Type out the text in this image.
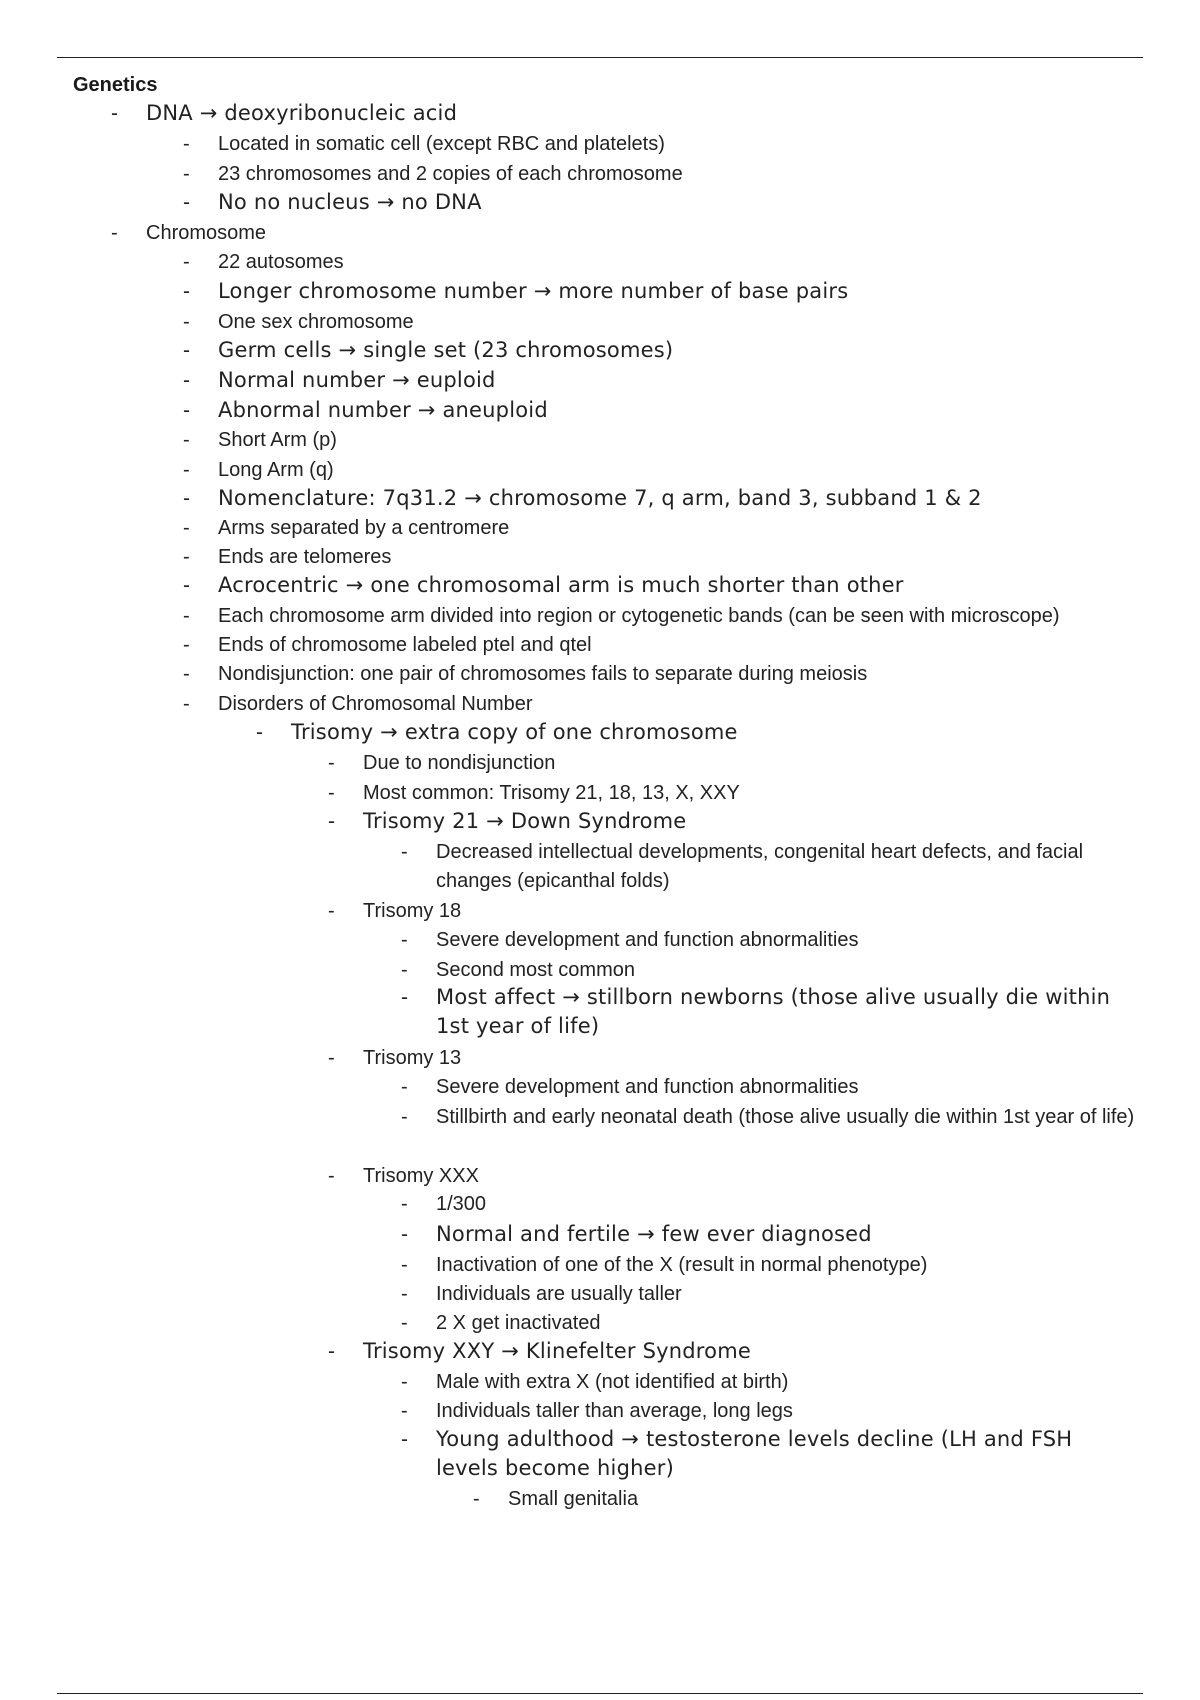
Genetics
- DNA → deoxyribonucleic acid
- Located in somatic cell (except RBC and platelets)
- 23 chromosomes and 2 copies of each chromosome
- No no nucleus → no DNA
- Chromosome
- 22 autosomes
- Longer chromosome number → more number of base pairs
- One sex chromosome
- Germ cells → single set (23 chromosomes)
- Normal number → euploid
- Abnormal number → aneuploid
- Short Arm (p)
- Long Arm (q)
- Nomenclature: 7q31.2 → chromosome 7, q arm, band 3, subband 1 & 2
- Arms separated by a centromere
- Ends are telomeres
- Acrocentric → one chromosomal arm is much shorter than other
- Each chromosome arm divided into region or cytogenetic bands (can be seen with microscope)
- Ends of chromosome labeled ptel and qtel
- Nondisjunction: one pair of chromosomes fails to separate during meiosis
- Disorders of Chromosomal Number
- Trisomy → extra copy of one chromosome
- Due to nondisjunction
- Most common: Trisomy 21, 18, 13, X, XXY
- Trisomy 21 → Down Syndrome
- Decreased intellectual developments, congenital heart defects, and facial changes (epicanthal folds)
- Trisomy 18
- Severe development and function abnormalities
- Second most common
- Most affect → stillborn newborns (those alive usually die within 1st year of life)
- Trisomy 13
- Severe development and function abnormalities
- Stillbirth and early neonatal death (those alive usually die within 1st year of life)
- Trisomy XXX
- 1/300
- Normal and fertile → few ever diagnosed
- Inactivation of one of the X (result in normal phenotype)
- Individuals are usually taller
- 2 X get inactivated
- Trisomy XXY → Klinefelter Syndrome
- Male with extra X (not identified at birth)
- Individuals taller than average, long legs
- Young adulthood → testosterone levels decline (LH and FSH levels become higher)
- Small genitalia
